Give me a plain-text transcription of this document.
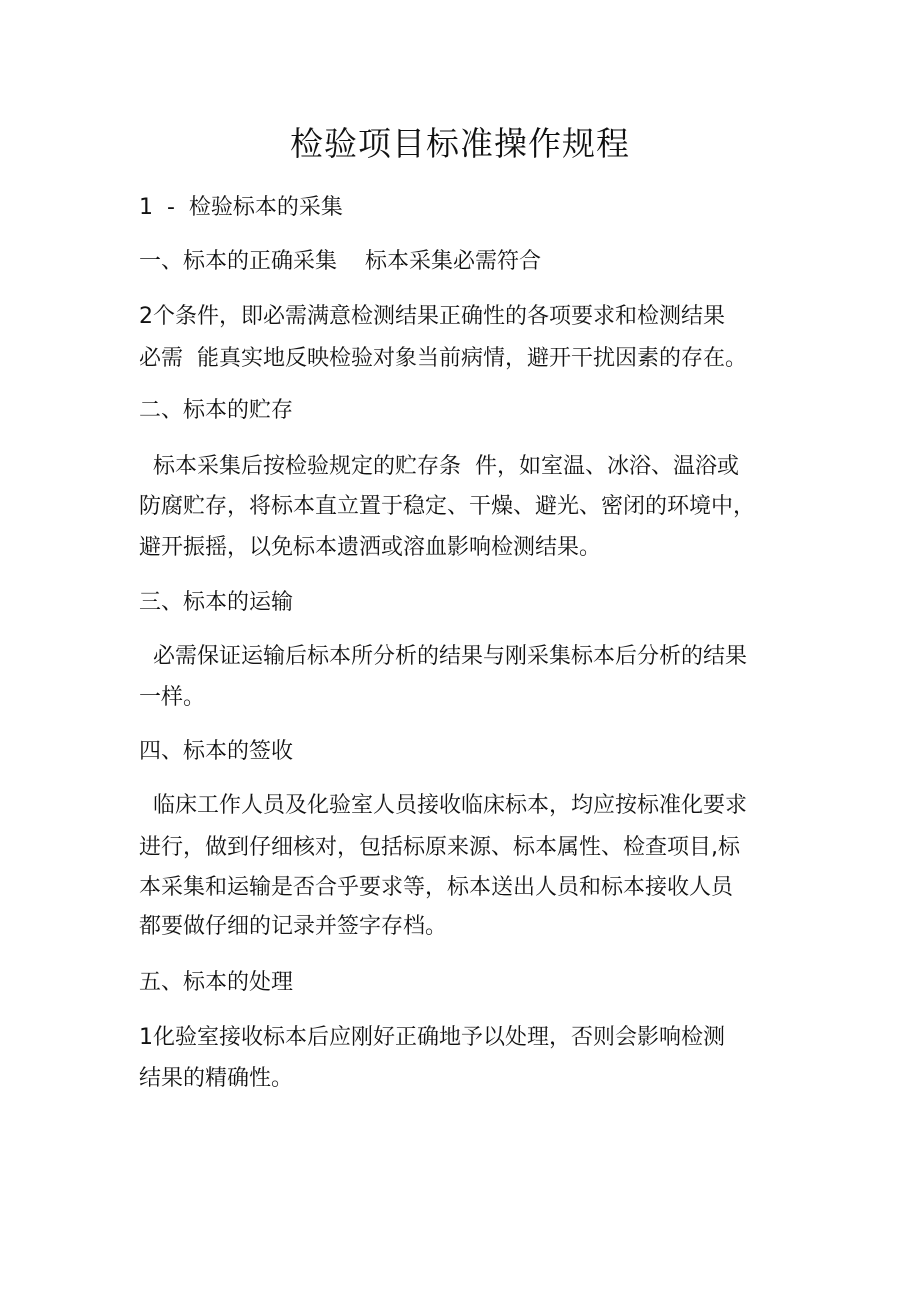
检验项目标准操作规程

1  -  检验标本的采集

一、标本的正确采集    标本采集必需符合

2个条件，即必需满意检测结果正确性的各项要求和检测结果

必需  能真实地反映检验对象当前病情，避开干扰因素的存在。

二、标本的贮存

标本采集后按检验规定的贮存条  件，如室温、冰浴、温浴或

防腐贮存，将标本直立置于稳定、干燥、避光、密闭的环境中，

避开振摇，以免标本遗洒或溶血影响检测结果。

三、标本的运输

必需保证运输后标本所分析的结果与刚采集标本后分析的结果

一样。

四、标本的签收

临床工作人员及化验室人员接收临床标本，均应按标准化要求

进行，做到仔细核对，包括标原来源、标本属性、检查项目,标

本采集和运输是否合乎要求等，标本送出人员和标本接收人员

都要做仔细的记录并签字存档。

五、标本的处理

1化验室接收标本后应刚好正确地予以处理，否则会影响检测

结果的精确性。
